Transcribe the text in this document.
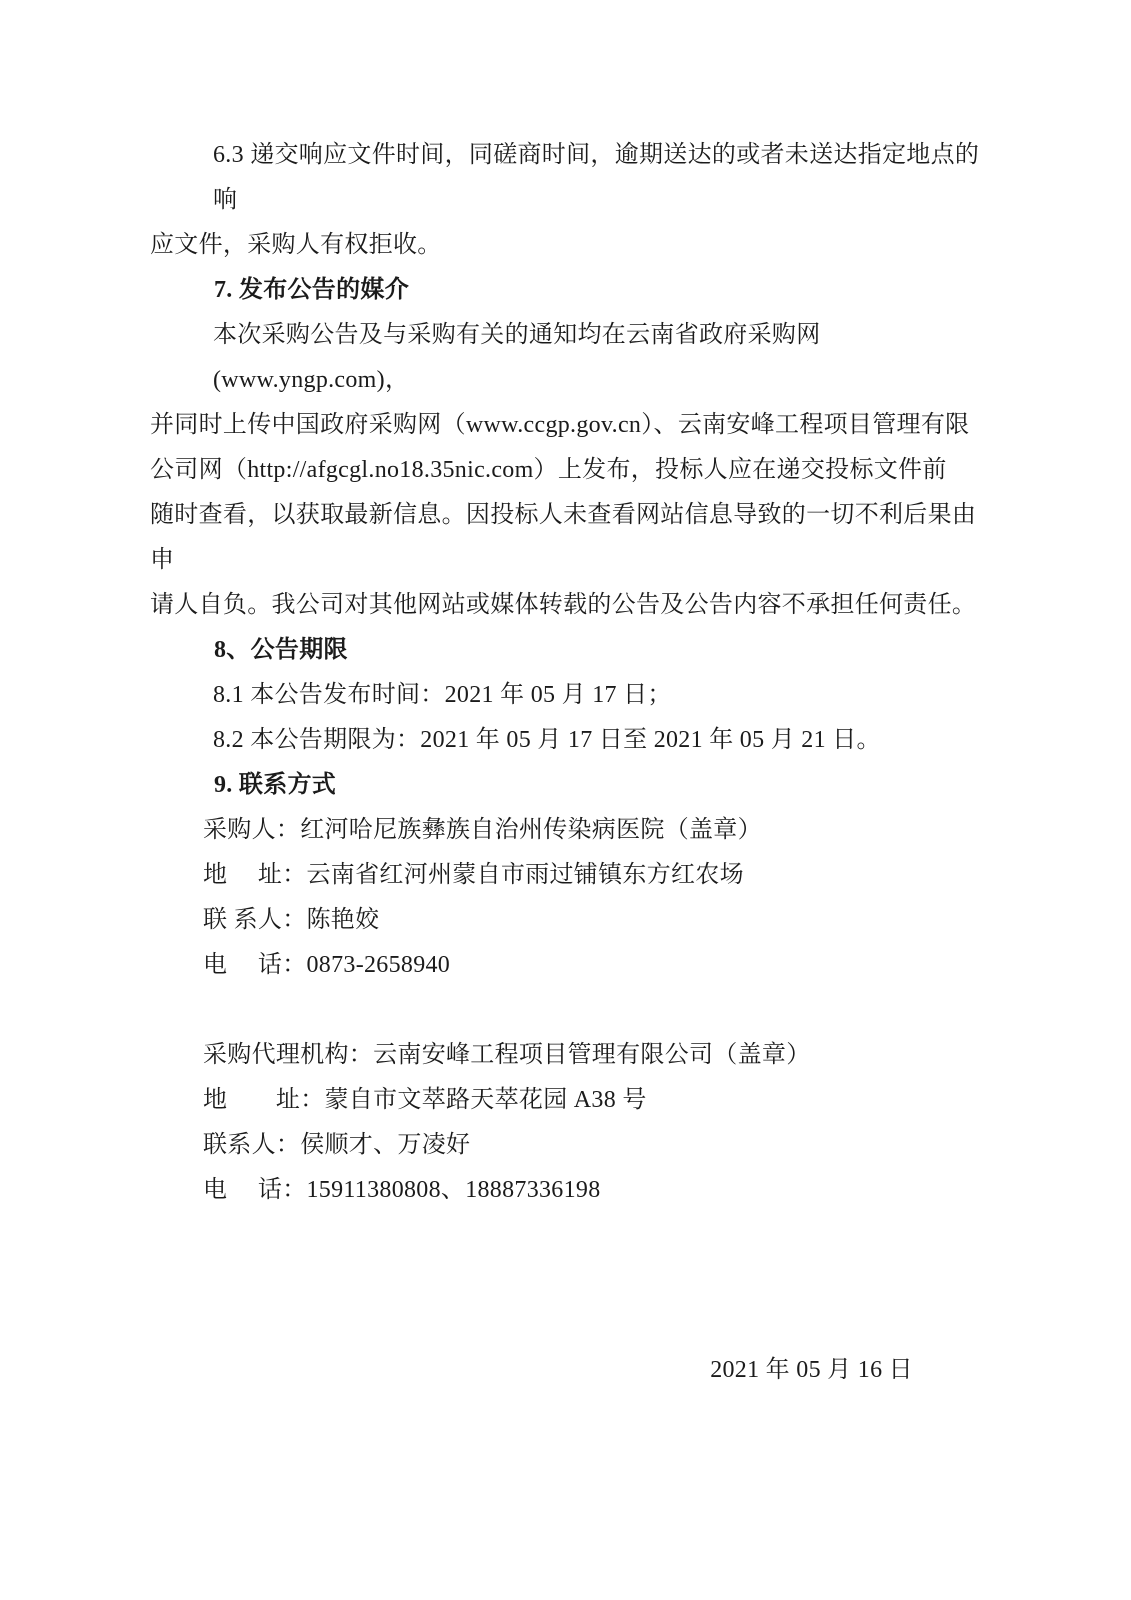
6.3 递交响应文件时间，同磋商时间，逾期送达的或者未送达指定地点的响
应文件，采购人有权拒收。
7. 发布公告的媒介
本次采购公告及与采购有关的通知均在云南省政府采购网(www.yngp.com)，
并同时上传中国政府采购网（www.ccgp.gov.cn）、云南安峰工程项目管理有限
公司网（http://afgcgl.no18.35nic.com）上发布，投标人应在递交投标文件前
随时查看，以获取最新信息。因投标人未查看网站信息导致的一切不利后果由申
请人自负。我公司对其他网站或媒体转载的公告及公告内容不承担任何责任。
8、公告期限
8.1 本公告发布时间：2021 年 05 月 17 日；
8.2 本公告期限为：2021 年 05 月 17 日至 2021 年 05 月 21 日。
9. 联系方式
采购人：红河哈尼族彝族自治州传染病医院（盖章）
地　 址：云南省红河州蒙自市雨过铺镇东方红农场
联 系人：陈艳姣
电　 话：0873-2658940
采购代理机构：云南安峰工程项目管理有限公司（盖章）
地　　址：蒙自市文萃路天萃花园 A38 号
联系人：侯顺才、万凌好
电　 话：15911380808、18887336198
2021 年 05 月 16 日
